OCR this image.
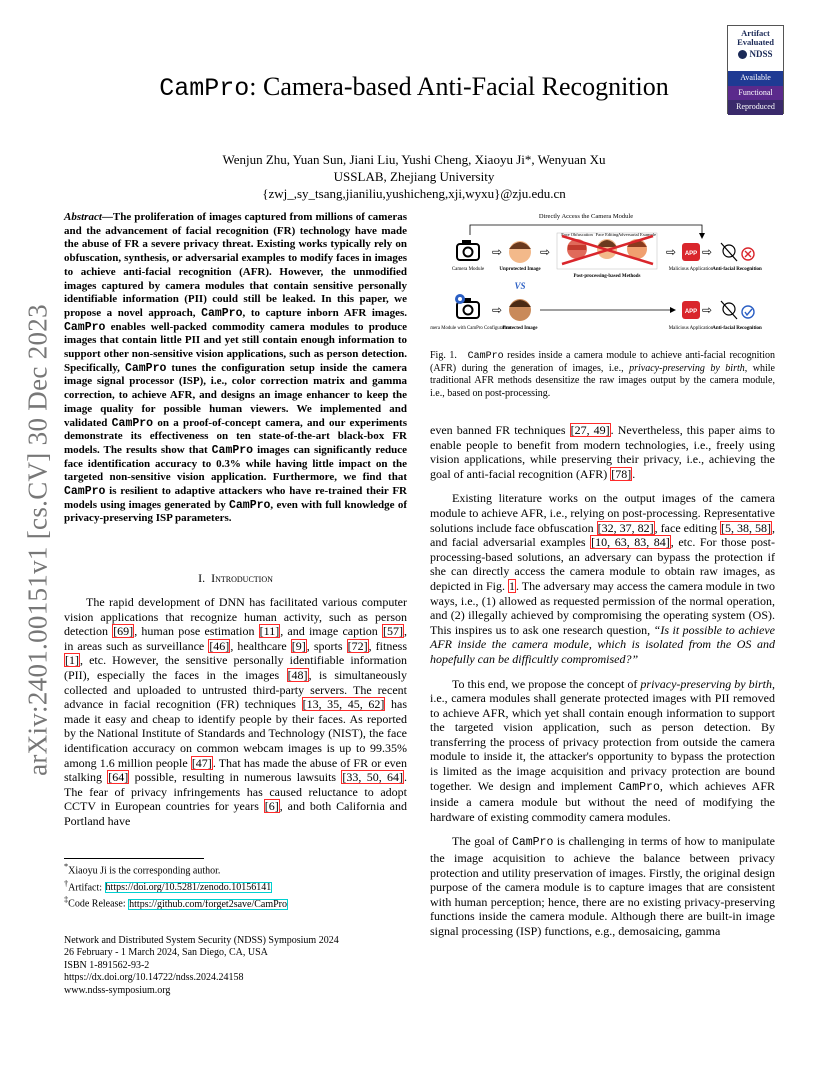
arXiv:2401.00151v1 [cs.CV] 30 Dec 2023
Artifact
Evaluated
NDSS
Available
Functional
Reproduced
CamPro: Camera-based Anti-Facial Recognition
Wenjun Zhu, Yuan Sun, Jiani Liu, Yushi Cheng, Xiaoyu Ji*, Wenyuan Xu
USSLAB, Zhejiang University
{zwj_,sy_tsang,jianiliu,yushicheng,xji,wyxu}@zju.edu.cn
Abstract—The proliferation of images captured from millions of cameras and the advancement of facial recognition (FR) technology have made the abuse of FR a severe privacy threat. Existing works typically rely on obfuscation, synthesis, or adversarial examples to modify faces in images to achieve anti-facial recognition (AFR). However, the unmodified images captured by camera modules that contain sensitive personally identifiable information (PII) could still be leaked. In this paper, we propose a novel approach, CamPro, to capture inborn AFR images. CamPro enables well-packed commodity camera modules to produce images that contain little PII and yet still contain enough information to support other non-sensitive vision applications, such as person detection. Specifically, CamPro tunes the configuration setup inside the camera image signal processor (ISP), i.e., color correction matrix and gamma correction, to achieve AFR, and designs an image enhancer to keep the image quality for possible human viewers. We implemented and validated CamPro on a proof-of-concept camera, and our experiments demonstrate its effectiveness on ten state-of-the-art black-box FR models. The results show that CamPro images can significantly reduce face identification accuracy to 0.3% while having little impact on the targeted non-sensitive vision application. Furthermore, we find that CamPro is resilient to adaptive attackers who have re-trained their FR models using images generated by CamPro, even with full knowledge of privacy-preserving ISP parameters.
I. Introduction

The rapid development of DNN has facilitated various computer vision applications that recognize human activity, such as person detection [69], human pose estimation [11], and image caption [57], in areas such as surveillance [46], healthcare [9], sports [72], fitness [1], etc. However, the sensitive personally identifiable information (PII), especially the faces in the images [48], is simultaneously collected and uploaded to untrusted third-party servers. The recent advance in facial recognition (FR) techniques [13, 35, 45, 62] has made it easy and cheap to identify people by their faces. As reported by the National Institute of Standards and Technology (NIST), the face identification accuracy on common webcam images is up to 99.35% among 1.6 million people [47]. That has made the abuse of FR or even stalking [64] possible, resulting in numerous lawsuits [33, 50, 64]. The fear of privacy infringements has caused reluctance to adopt CCTV in European countries for years [6], and both California and Portland have

*Xiaoyu Ji is the corresponding author.
†Artifact: https://doi.org/10.5281/zenodo.10156141
‡Code Release: https://github.com/forget2save/CamPro
Network and Distributed System Security (NDSS) Symposium 2024
26 February - 1 March 2024, San Diego, CA, USA
ISBN 1-891562-93-2
https://dx.doi.org/10.14722/ndss.2024.24158
www.ndss-symposium.org
Directly Access the Camera Module
Camera Module
⇨
Unprotected Image
⇨
Face Obfuscation Face Editing Adversarial Example
Post-processing-based Methods
⇨ APP
Malicious Application
⇨
Anti-facial Recognition
VS
Camera Module with CamPro Configuration
⇨
Protected Image
APP
Malicious Application
⇨
Anti-facial Recognition
Fig. 1. CamPro resides inside a camera module to achieve anti-facial recognition (AFR) during the generation of images, i.e., privacy-preserving by birth, while traditional AFR methods desensitize the raw images output by the camera module, i.e., based on post-processing.

even banned FR techniques [27, 49]. Nevertheless, this paper aims to enable people to benefit from modern technologies, i.e., freely using vision applications, while preserving their privacy, i.e., achieving the goal of anti-facial recognition (AFR) [78].

Existing literature works on the output images of the camera module to achieve AFR, i.e., relying on post-processing. Representative solutions include face obfuscation [32, 37, 82], face editing [5, 38, 58], and facial adversarial examples [10, 63, 83, 84], etc. For those post-processing-based solutions, an adversary can bypass the protection if she can directly access the camera module to obtain raw images, as depicted in Fig. 1. The adversary may access the camera module in two ways, i.e., (1) allowed as requested permission of the normal operation, and (2) illegally achieved by compromising the operating system (OS). This inspires us to ask one research question, “Is it possible to achieve AFR inside the camera module, which is isolated from the OS and hopefully can be difficultly compromised?”

To this end, we propose the concept of privacy-preserving by birth, i.e., camera modules shall generate protected images with PII removed to achieve AFR, which yet shall contain enough information to support the targeted vision application, such as person detection. By transferring the process of privacy protection from outside the camera module to inside it, the attacker's opportunity to bypass the protection is limited as the image acquisition and privacy protection are bound together. We design and implement CamPro, which achieves AFR inside a camera module but without the need of modifying the hardware of existing commodity camera modules.

The goal of CamPro is challenging in terms of how to manipulate the image acquisition to achieve the balance between privacy protection and utility preservation of images. Firstly, the original design purpose of the camera module is to capture images that are consistent with human perception; hence, there are no existing privacy-preserving functions inside the camera module. Although there are built-in image signal processing (ISP) functions, e.g., demosaicing, gamma
